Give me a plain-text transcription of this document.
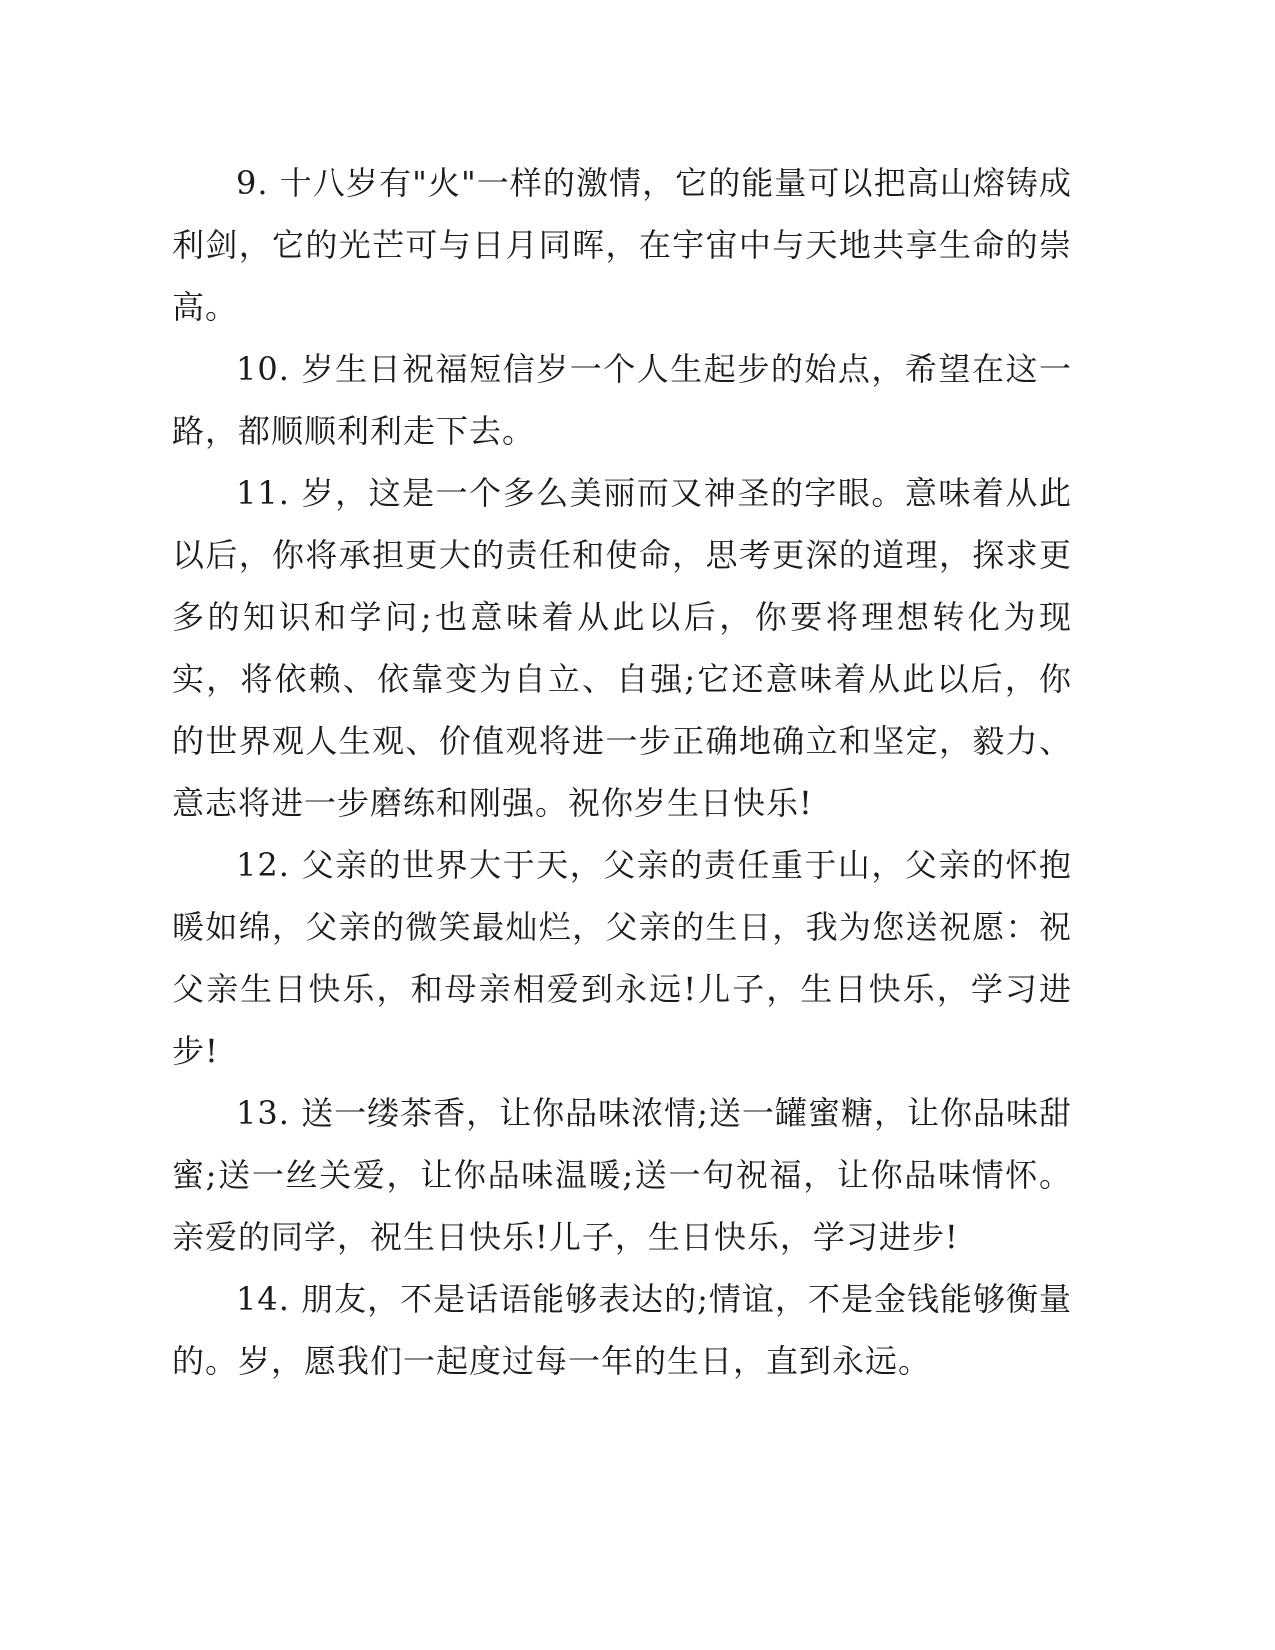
9. 十八岁有"火"一样的激情，它的能量可以把高山熔铸成利剑，它的光芒可与日月同晖，在宇宙中与天地共享生命的崇高。

10. 岁生日祝福短信岁一个人生起步的始点，希望在这一路，都顺顺利利走下去。

11. 岁，这是一个多么美丽而又神圣的字眼。意味着从此以后，你将承担更大的责任和使命，思考更深的道理，探求更多的知识和学问;也意味着从此以后，你要将理想转化为现实，将依赖、依靠变为自立、自强;它还意味着从此以后，你的世界观人生观、价值观将进一步正确地确立和坚定，毅力、意志将进一步磨练和刚强。祝你岁生日快乐!

12. 父亲的世界大于天，父亲的责任重于山，父亲的怀抱暖如绵，父亲的微笑最灿烂，父亲的生日，我为您送祝愿：祝父亲生日快乐，和母亲相爱到永远!儿子，生日快乐，学习进步!

13. 送一缕茶香，让你品味浓情;送一罐蜜糖，让你品味甜蜜;送一丝关爱，让你品味温暖;送一句祝福，让你品味情怀。亲爱的同学，祝生日快乐!儿子，生日快乐，学习进步!

14. 朋友，不是话语能够表达的;情谊，不是金钱能够衡量的。岁，愿我们一起度过每一年的生日，直到永远。
